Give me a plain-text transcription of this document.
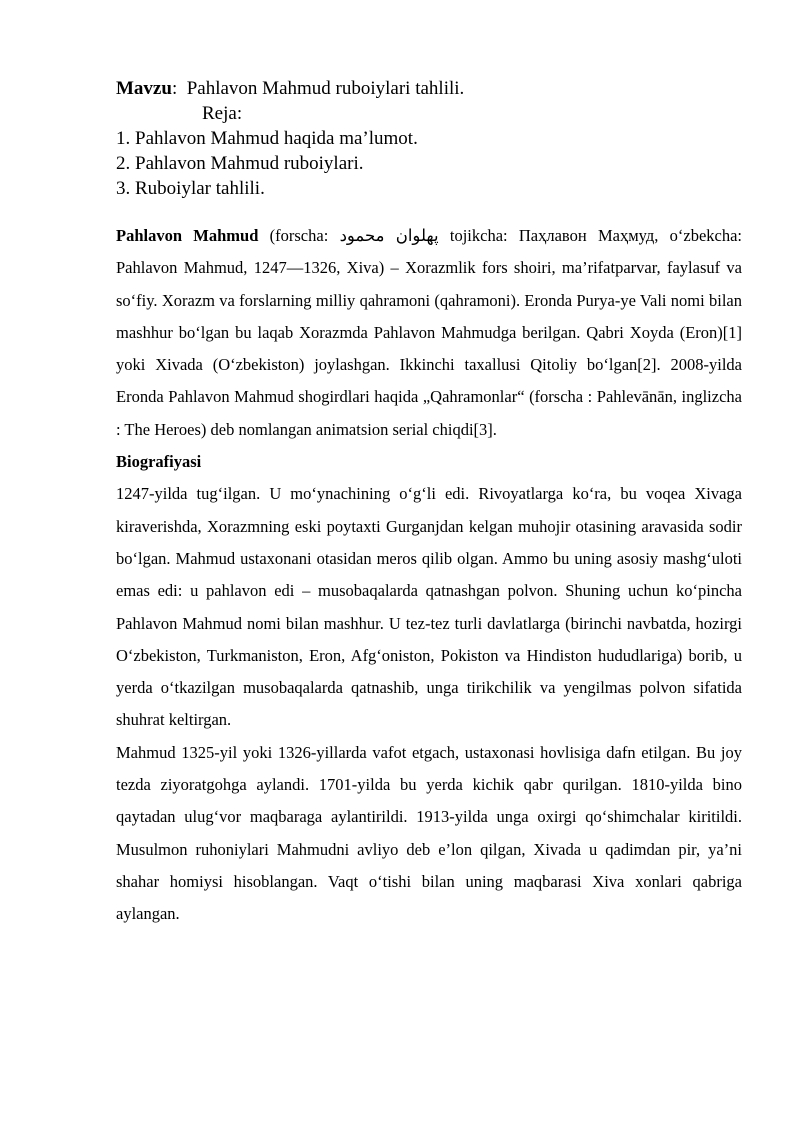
Mavzu:  Pahlavon Mahmud ruboiylari tahlili.
Reja:
1. Pahlavon Mahmud haqida ma’lumot.
2. Pahlavon Mahmud ruboiylari.
3. Ruboiylar tahlili.

Pahlavon Mahmud (forscha: پهلوان محمود tojikcha: Паҳлавон Маҳмуд, o‘zbekcha: Pahlavon Mahmud, 1247—1326, Xiva) – Xorazmlik fors shoiri, ma’rifatparvar, faylasuf va so‘fiy. Xorazm va forslarning milliy qahramoni (qahramoni). Eronda Purya-ye Vali nomi bilan mashhur bo‘lgan bu laqab Xorazmda Pahlavon Mahmudga berilgan. Qabri Xoyda (Eron)[1] yoki Xivada (O‘zbekiston) joylashgan. Ikkinchi taxallusi Qitoliy bo‘lgan[2]. 2008-yilda Eronda Pahlavon Mahmud shogirdlari haqida „Qahramonlar“ (forscha : Pahlevānān, inglizcha : The Heroes) deb nomlangan animatsion serial chiqdi[3].

Biografiyasi

1247-yilda tug‘ilgan. U mo‘ynachining o‘g‘li edi. Rivoyatlarga ko‘ra, bu voqea Xivaga kiraverishda, Xorazmning eski poytaxti Gurganjdan kelgan muhojir otasining aravasida sodir bo‘lgan. Mahmud ustaxonani otasidan meros qilib olgan. Ammo bu uning asosiy mashg‘uloti emas edi: u pahlavon edi – musobaqalarda qatnashgan polvon. Shuning uchun ko‘pincha Pahlavon Mahmud nomi bilan mashhur. U tez-tez turli davlatlarga (birinchi navbatda, hozirgi O‘zbekiston, Turkmaniston, Eron, Afg‘oniston, Pokiston va Hindiston hududlariga) borib, u yerda o‘tkazilgan musobaqalarda qatnashib, unga tirikchilik va yengilmas polvon sifatida shuhrat keltirgan.

Mahmud 1325-yil yoki 1326-yillarda vafot etgach, ustaxonasi hovlisiga dafn etilgan. Bu joy tezda ziyoratgohga aylandi. 1701-yilda bu yerda kichik qabr qurilgan. 1810-yilda bino qaytadan ulug‘vor maqbaraga aylantirildi. 1913-yilda unga oxirgi qo‘shimchalar kiritildi. Musulmon ruhoniylari Mahmudni avliyo deb e’lon qilgan, Xivada u qadimdan pir, ya’ni shahar homiysi hisoblangan. Vaqt o‘tishi bilan uning maqbarasi Xiva xonlari qabriga aylangan.
